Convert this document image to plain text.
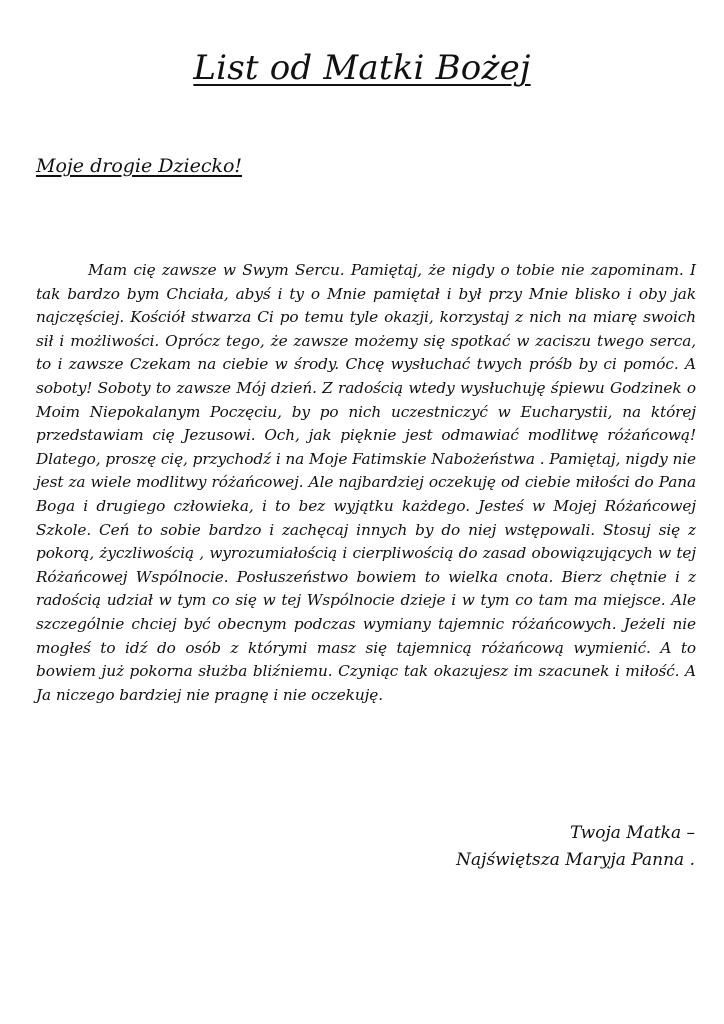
List od Matki Bożej

Moje drogie Dziecko!

Mam cię zawsze w Swym Sercu. Pamiętaj, że nigdy o tobie nie zapominam. I tak bardzo bym Chciała, abyś i ty o Mnie pamiętał i był przy Mnie blisko i oby jak najczęściej. Kościół stwarza Ci po temu tyle okazji, korzystaj z nich na miarę swoich sił i możliwości. Oprócz tego, że zawsze możemy się spotkać w zaciszu twego serca, to i zawsze Czekam na ciebie w środy. Chcę wysłuchać twych próśb by ci pomóc. A soboty! Soboty to zawsze Mój dzień. Z radością wtedy wysłuchuję śpiewu Godzinek o Moim Niepokalanym Poczęciu, by po nich uczestniczyć w Eucharystii, na której przedstawiam cię Jezusowi. Och, jak pięknie jest odmawiać modlitwę różańcową! Dlatego, proszę cię, przychodź i na Moje Fatimskie Nabożeństwa . Pamiętaj, nigdy nie jest za wiele modlitwy różańcowej. Ale najbardziej oczekuję od ciebie miłości do Pana Boga i drugiego człowieka, i to bez wyjątku każdego. Jesteś w Mojej Różańcowej Szkole. Ceń to sobie bardzo i zachęcaj innych by do niej wstępowali. Stosuj się z pokorą, życzliwością , wyrozumiałością i cierpliwością do zasad obowiązujących w tej Różańcowej Wspólnocie. Posłuszeństwo bowiem to wielka cnota. Bierz chętnie i z radością udział w tym co się w tej Wspólnocie dzieje i w tym co tam ma miejsce. Ale szczególnie chciej być obecnym podczas wymiany tajemnic różańcowych. Jeżeli nie mogłeś to idź do osób z którymi masz się tajemnicą różańcową wymienić. A to bowiem już pokorna służba bliźniemu. Czyniąc tak okazujesz im szacunek i miłość. A Ja niczego bardziej nie pragnę i nie oczekuję.

Twoja Matka –
Najświętsza Maryja Panna .
